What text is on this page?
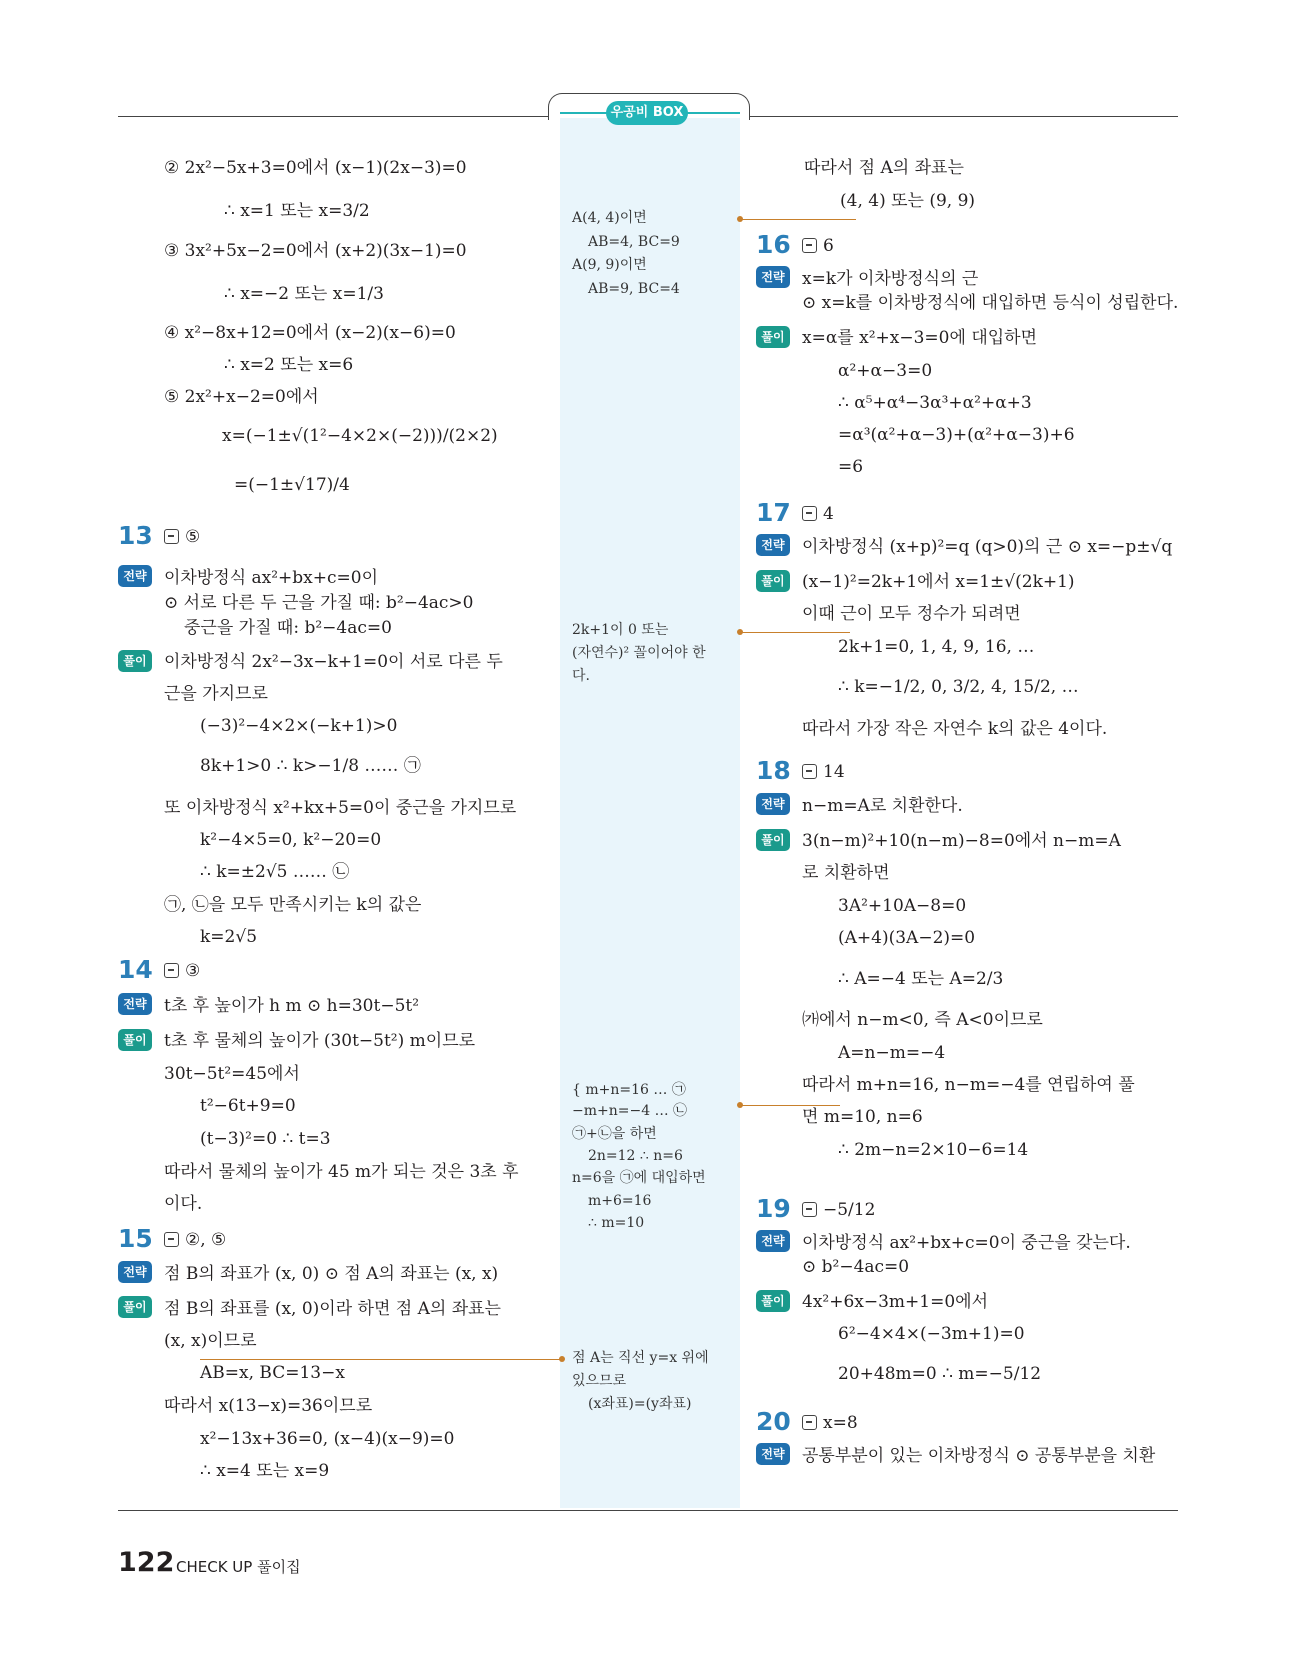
우공비 BOX
② 2x²−5x+3=0에서 (x−1)(2x−3)=0
∴ x=1 또는 x=3/2
③ 3x²+5x−2=0에서 (x+2)(3x−1)=0
∴ x=−2 또는 x=1/3
④ x²−8x+12=0에서 (x−2)(x−6)=0
∴ x=2 또는 x=6
⑤ 2x²+x−2=0에서
x=(−1±√(1²−4×2×(−2)))/(2×2)
=(−1±√17)/4
이차방정식 ax²+bx+c=0이
⊙ 서로 다른 두 근을 가질 때: b²−4ac>0
중근을 가질 때: b²−4ac=0
이차방정식 2x²−3x−k+1=0이 서로 다른 두
근을 가지므로
(−3)²−4×2×(−k+1)>0
8k+1>0 ∴ k>−1/8 …… ㉠
또 이차방정식 x²+kx+5=0이 중근을 가지므로
k²−4×5=0, k²−20=0
∴ k=±2√5 …… ㉡
㉠, ㉡을 모두 만족시키는 k의 값은
k=2√5
t초 후 높이가 h m ⊙ h=30t−5t²
t초 후 물체의 높이가 (30t−5t²) m이므로
30t−5t²=45에서
t²−6t+9=0
(t−3)²=0 ∴ t=3
따라서 물체의 높이가 45 m가 되는 것은 3초 후
이다.
점 B의 좌표가 (x, 0) ⊙ 점 A의 좌표는 (x, x)
점 B의 좌표를 (x, 0)이라 하면 점 A의 좌표는
(x, x)이므로
AB=x, BC=13−x
따라서 x(13−x)=36이므로
x²−13x+36=0, (x−4)(x−9)=0
∴ x=4 또는 x=9
따라서 점 A의 좌표는
(4, 4) 또는 (9, 9)
x=k가 이차방정식의 근
⊙ x=k를 이차방정식에 대입하면 등식이 성립한다.
x=α를 x²+x−3=0에 대입하면
α²+α−3=0
∴ α⁵+α⁴−3α³+α²+α+3
=α³(α²+α−3)+(α²+α−3)+6
=6
이차방정식 (x+p)²=q (q>0)의 근 ⊙ x=−p±√q
(x−1)²=2k+1에서 x=1±√(2k+1)
이때 근이 모두 정수가 되려면
2k+1=0, 1, 4, 9, 16, …
∴ k=−1/2, 0, 3/2, 4, 15/2, …
따라서 가장 작은 자연수 k의 값은 4이다.
n−m=A로 치환한다.
3(n−m)²+10(n−m)−8=0에서 n−m=A
로 치환하면
3A²+10A−8=0
(A+4)(3A−2)=0
∴ A=−4 또는 A=2/3
㈎에서 n−m<0, 즉 A<0이므로
A=n−m=−4
따라서 m+n=16, n−m=−4를 연립하여 풀
면 m=10, n=6
∴ 2m−n=2×10−6=14
이차방정식 ax²+bx+c=0이 중근을 갖는다.
⊙ b²−4ac=0
4x²+6x−3m+1=0에서
6²−4×4×(−3m+1)=0
20+48m=0 ∴ m=−5/12
공통부분이 있는 이차방정식 ⊙ 공통부분을 치환
A(4, 4)이면
AB=4, BC=9
A(9, 9)이면
AB=9, BC=4
2k+1이 0 또는
(자연수)² 꼴이어야 한
다.
{ m+n=16 … ㉠
−m+n=−4 … ㉡
㉠+㉡을 하면
2n=12 ∴ n=6
n=6을 ㉠에 대입하면
m+6=16
∴ m=10
점 A는 직선 y=x 위에
있으므로
(x좌표)=(y좌표)
13	⑤
14	③
15	②, ⑤
16	6
17	4
18	14
19	−5/12
20	x=8
전략
풀이
전략
풀이
전략
풀이
전략
풀이
전략
풀이
전략
풀이
전략
풀이
전략
122 CHECK UP 풀이집
